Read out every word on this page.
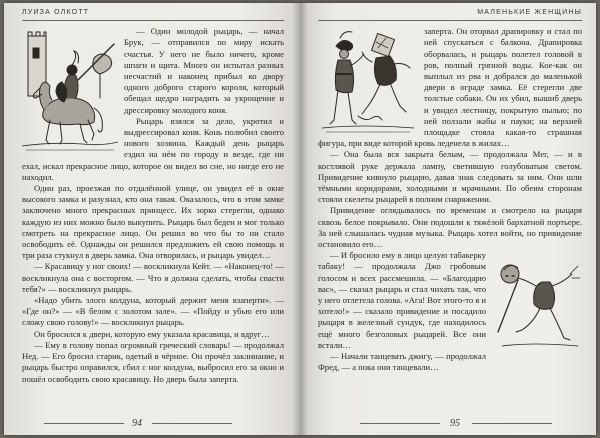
ЛУИЗА ОЛКОТТ

— Один молодой рыцарь, — начал Брук, — отправился по миру искать счастья. У него не было ничего, кроме шпаги и щита. Много он испытал разных несчастий и наконец прибыл ко двору одного доброго старого короля, который обещал щедро наградить за укрощение и дрессировку молодого коня.

Рыцарь взялся за дело, укротил и выдрессировал коня. Конь полюбил своего нового хозяина. Каждый день рыцарь ездил на нём по городу и везде, где ни ехал, искал прекрасное лицо, которое он видел во сне, но нигде его не находил.

Один раз, проезжая по отдалённой улице, он увидел её в окне высокого замка и разузнал, кто она такая. Оказалось, что в этом замке заключено много прекрасных принцесс. Их зорко стерегли, однако каждую из них можно было выкупить. Рыцарь был беден и мог только смотреть на прекрасное лицо. Он решил во что бы то ни стало освободить её. Однажды он решился предложить ей свою помощь и три раза стукнул в дверь замка. Она отворилась, и рыцарь увидел…

— Красавицу у ног своих! — воскликнула Кейт. — «Наконец-то! — воскликнула она с восторгом. — Что я должна сделать, чтобы спасти тебя?» — воскликнул рыцарь.

«Надо убить злого колдуна, который держит меня взаперти». — «Где он?» — «В белом с золотом зале». — «Пойду и убью его или сложу свою голову!» — воскликнул рыцарь.

Он бросился к двери, которую ему указала красавица, и вдруг…

— Ему в голову попал огромный греческий словарь! — продолжал Нед. — Его бросил старик, одетый в чёрное. Он прочёл заклинание, и рыцарь быстро оправился, сбил с ног колдуна, выбросил его за окно и пошёл освободить свою красавицу. Но дверь была заперта.

94
МАЛЕНЬКИЕ ЖЕНЩИНЫ

заперта. Он оторвал драпировку и стал по ней спускаться с балкона. Драпировка оборвалась, и рыцарь полетел головой в ров, полный грязной воды. Кое-как он выплыл из рва и добрался до маленькой двери в ограде замка. Её стерегли две толстые собаки. Он их убил, вышиб дверь и увидел лестницу, покрытую пылью; по ней ползали жабы и пауки; на верхней площадке стояла какая-то страшная фигура, при виде которой кровь леденела в жилах…

— Она была вся закрыта белым, — продолжала Мег, — и в костлявой руке держала лампу, светившую голубоватым светом. Привидение кивнуло рыцарю, давая знак следовать за ним. Они шли тёмными коридорами, холодными и мрачными. По обеим сторонам стояли скелеты рыцарей в полном снаряжении.

Привидение оглядывалось по временам и смотрело на рыцаря сквозь белое покрывало. Они подошли к тяжёлой бархатной портьере. За ней слышалась чудная музыка. Рыцарь хотел войти, но привидение остановило его…

— И бросило ему в лицо целую табакерку табаку! — продолжала Джо гробовым голосом и всех рассмешила. — «Благодарю вас», — сказал рыцарь и стал чихать так, что у него отлетела голова. «Ага! Вот этого-то я и хотело!» — сказало привидение и посадило рыцаря в железный сундук, где находилось ещё много безголовых рыцарей. Все они встали…

— Начали танцевать джигу, — продолжал Фред, — а пока они танцевали…

95
